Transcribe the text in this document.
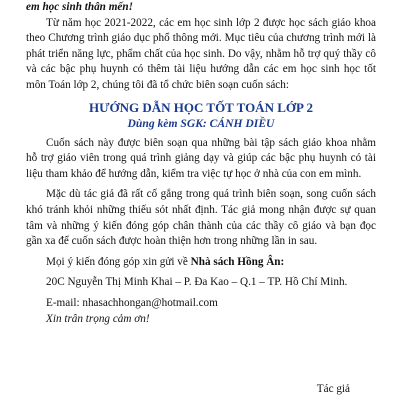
em học sinh thân mến!

Từ năm học 2021-2022, các em học sinh lớp 2 được học sách giáo khoa theo Chương trình giáo dục phổ thông mới. Mục tiêu của chương trình mới là phát triển năng lực, phẩm chất của học sinh. Do vậy, nhằm hỗ trợ quý thầy cô và các bậc phụ huynh có thêm tài liệu hướng dẫn các em học sinh học tốt môn Toán lớp 2, chúng tôi đã tổ chức biên soạn cuốn sách:

HƯỚNG DẪN HỌC TỐT TOÁN LỚP 2
Dùng kèm SGK: CÁNH DIỀU

Cuốn sách này được biên soạn qua những bài tập sách giáo khoa nhằm hỗ trợ giáo viên trong quá trình giảng dạy và giúp các bậc phụ huynh có tài liệu tham khảo để hướng dẫn, kiểm tra việc tự học ở nhà của con em mình.

Mặc dù tác giả đã rất cố gắng trong quá trình biên soạn, song cuốn sách khó tránh khỏi những thiếu sót nhất định. Tác giả mong nhận được sự quan tâm và những ý kiến đóng góp chân thành của các thầy cô giáo và bạn đọc gần xa để cuốn sách được hoàn thiện hơn trong những lần in sau.

Mọi ý kiến đóng góp xin gửi về Nhà sách Hồng Ân:

20C Nguyễn Thị Minh Khai – P. Đa Kao – Q.1 – TP. Hồ Chí Minh.

E-mail: nhasachhongan@hotmail.com

Xin trân trọng cảm ơn!

Tác giả
